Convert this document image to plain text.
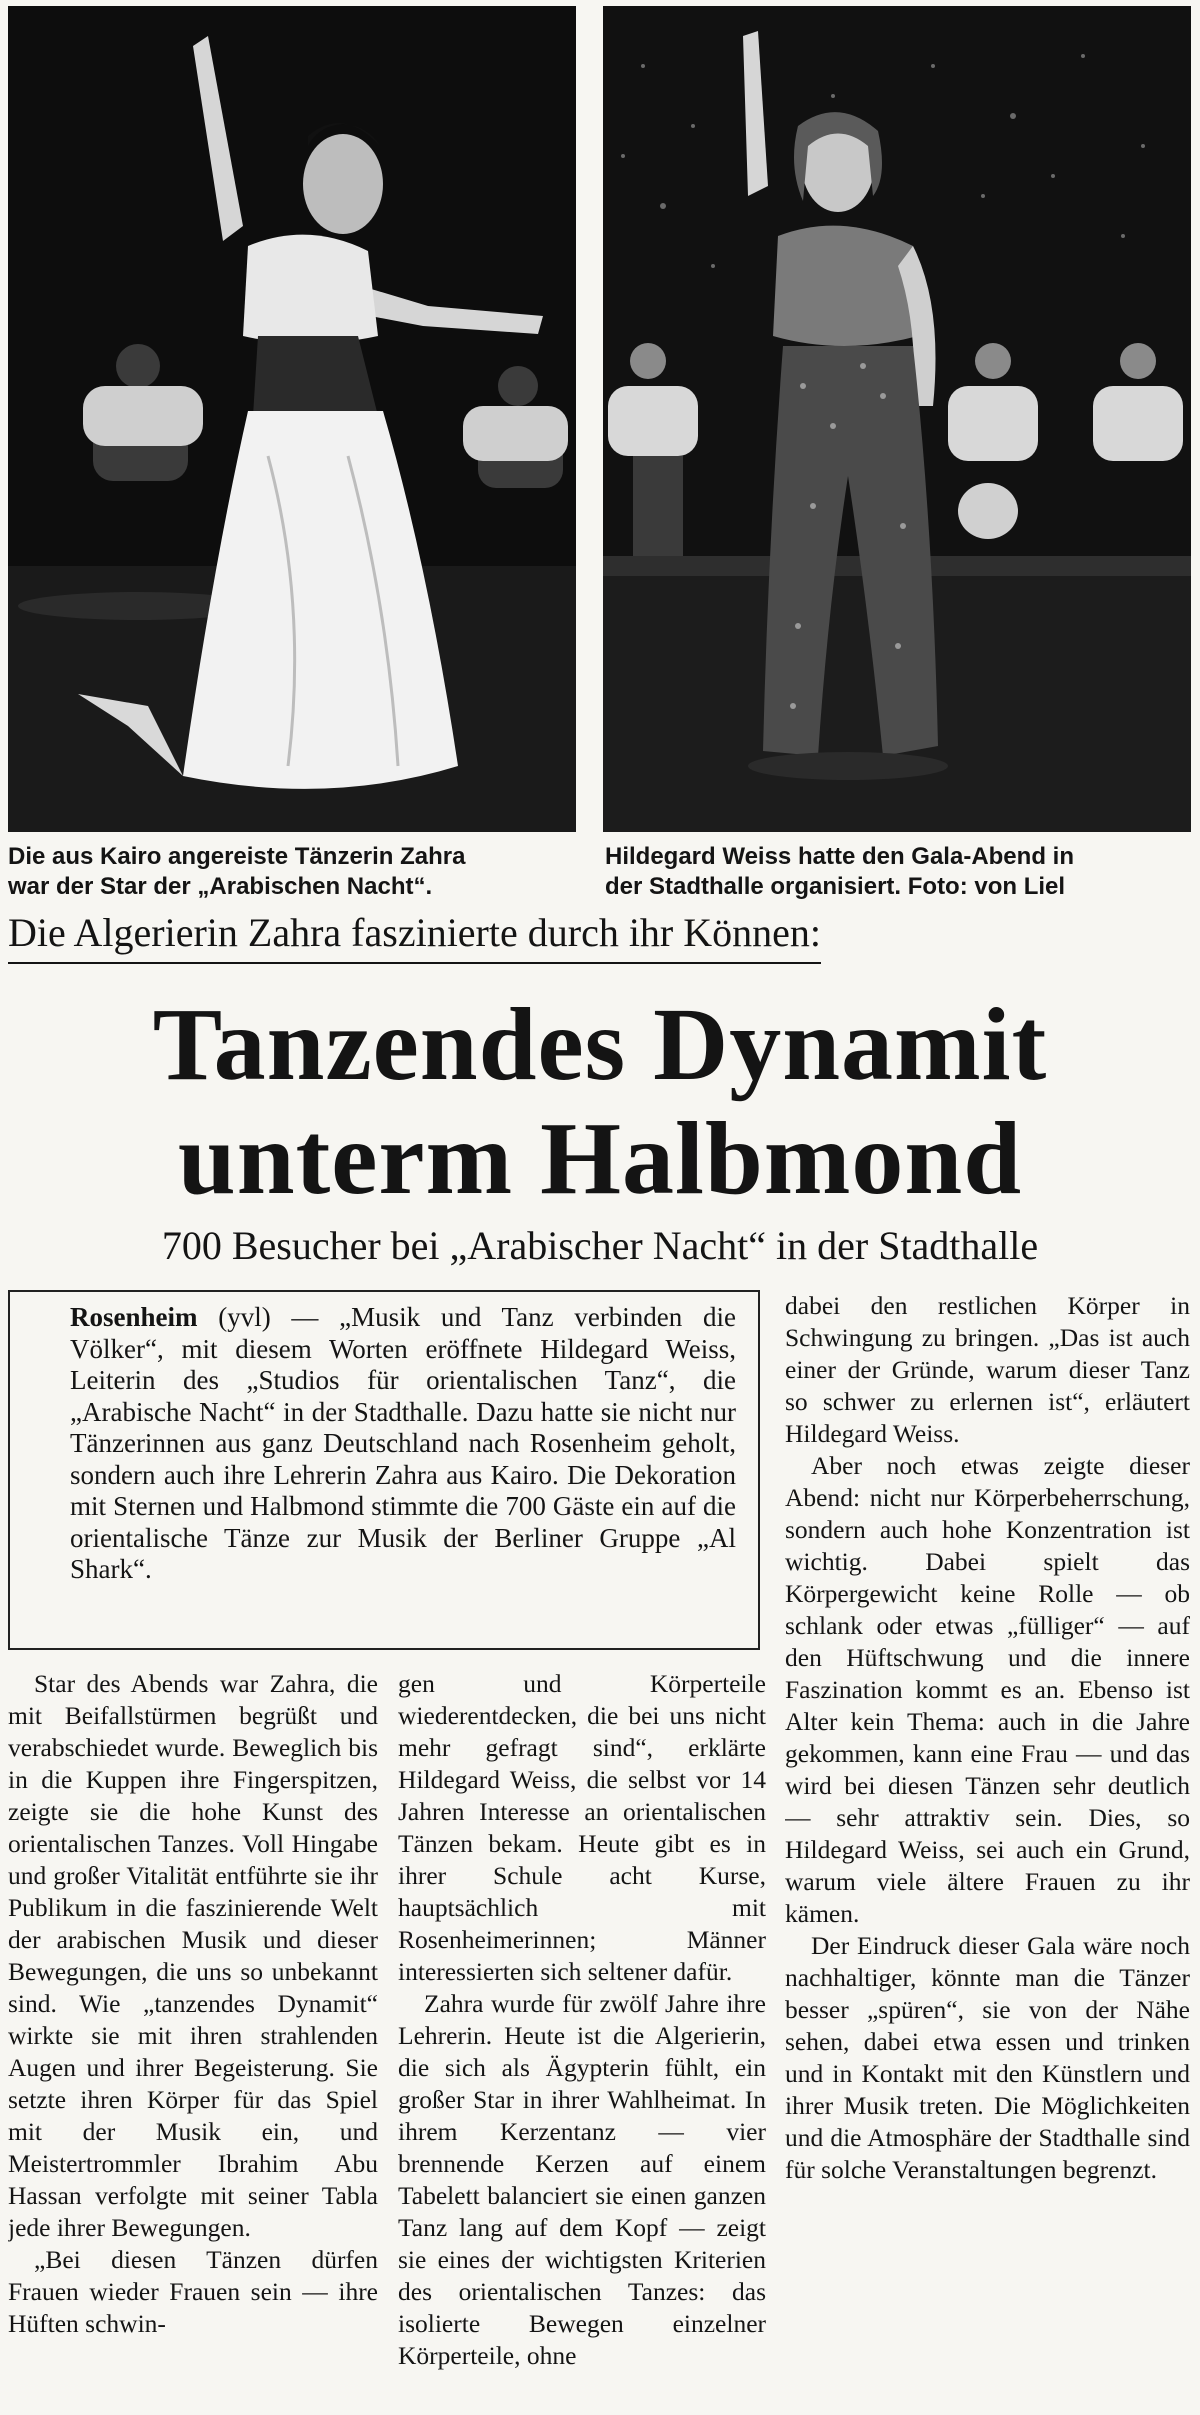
Die aus Kairo angereiste Tänzerin Zahra
war der Star der „Arabischen Nacht“.
Hildegard Weiss hatte den Gala-Abend in
der Stadthalle organisiert. Foto: von Liel
Die Algerierin Zahra faszinierte durch ihr Können:
Tanzendes Dynamit
unterm Halbmond
700 Besucher bei „Arabischer Nacht“ in der Stadthalle
Rosenheim (yvl) — „Musik und Tanz verbinden die Völker“, mit diesem Worten eröffnete Hildegard Weiss, Leiterin des „Studios für orientalischen Tanz“, die „Arabische Nacht“ in der Stadthalle. Dazu hatte sie nicht nur Tänzerinnen aus ganz Deutschland nach Rosenheim geholt, sondern auch ihre Lehrerin Zahra aus Kairo. Die Dekoration mit Sternen und Halbmond stimmte die 700 Gäste ein auf die orientalische Tänze zur Musik der Berliner Gruppe „Al Shark“.

Star des Abends war Zahra, die mit Beifallstürmen begrüßt und verabschiedet wurde. Beweglich bis in die Kuppen ihre Fingerspitzen, zeigte sie die hohe Kunst des orientalischen Tanzes. Voll Hingabe und großer Vitalität entführte sie ihr Publikum in die faszinierende Welt der arabischen Musik und dieser Bewegungen, die uns so unbekannt sind. Wie „tanzendes Dynamit“ wirkte sie mit ihren strahlenden Augen und ihrer Begeisterung. Sie setzte ihren Körper für das Spiel mit der Musik ein, und Meistertrommler Ibrahim Abu Hassan verfolgte mit seiner Tabla jede ihrer Bewegungen.

„Bei diesen Tänzen dürfen Frauen wieder Frauen sein — ihre Hüften schwin-

gen und Körperteile wiederentdecken, die bei uns nicht mehr gefragt sind“, erklärte Hildegard Weiss, die selbst vor 14 Jahren Interesse an orientalischen Tänzen bekam. Heute gibt es in ihrer Schule acht Kurse, hauptsächlich mit Rosenheimerinnen; Männer interessierten sich seltener dafür.

Zahra wurde für zwölf Jahre ihre Lehrerin. Heute ist die Algerierin, die sich als Ägypterin fühlt, ein großer Star in ihrer Wahlheimat. In ihrem Kerzentanz — vier brennende Kerzen auf einem Tabelett balanciert sie einen ganzen Tanz lang auf dem Kopf — zeigt sie eines der wichtigsten Kriterien des orientalischen Tanzes: das isolierte Bewegen einzelner Körperteile, ohne

dabei den restlichen Körper in Schwingung zu bringen. „Das ist auch einer der Gründe, warum dieser Tanz so schwer zu erlernen ist“, erläutert Hildegard Weiss.

Aber noch etwas zeigte dieser Abend: nicht nur Körperbeherrschung, sondern auch hohe Konzentration ist wichtig. Dabei spielt das Körpergewicht keine Rolle — ob schlank oder etwas „fülliger“ — auf den Hüftschwung und die innere Faszination kommt es an. Ebenso ist Alter kein Thema: auch in die Jahre gekommen, kann eine Frau — und das wird bei diesen Tänzen sehr deutlich — sehr attraktiv sein. Dies, so Hildegard Weiss, sei auch ein Grund, warum viele ältere Frauen zu ihr kämen.

Der Eindruck dieser Gala wäre noch nachhaltiger, könnte man die Tänzer besser „spüren“, sie von der Nähe sehen, dabei etwa essen und trinken und in Kontakt mit den Künstlern und ihrer Musik treten. Die Möglichkeiten und die Atmosphäre der Stadthalle sind für solche Veranstaltungen begrenzt.
